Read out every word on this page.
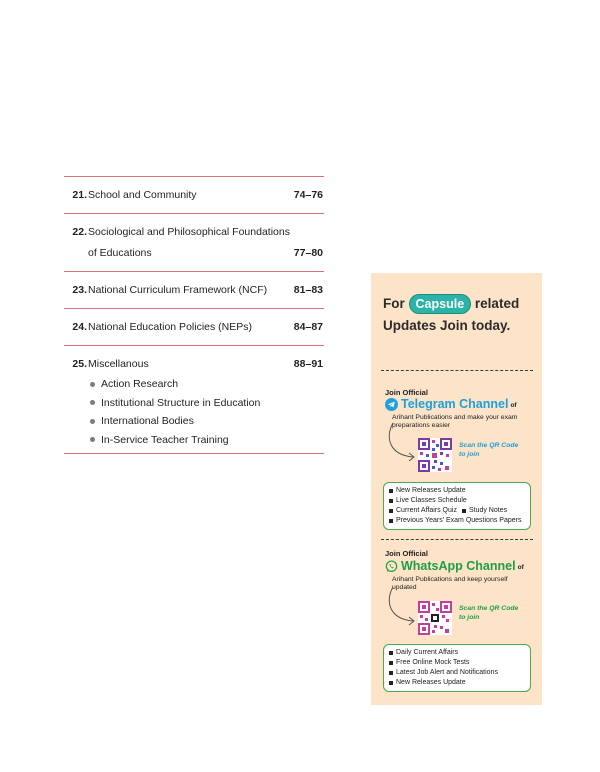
21. School and Community	74–76
22. Sociological and Philosophical Foundations
of Educations	77–80
23. National Curriculum Framework (NCF)	81–83
24. National Education Policies (NEPs)	84–87
25. Miscellanous	88–91
Action Research
Institutional Structure in Education
International Bodies
In-Service Teacher Training
For Capsule related
Updates Join today.
Join Official
Telegram Channel of
Arihant Publications and make your exam preparations easier
Scan the QR Code to join
New Releases Update
Live Classes Schedule
Current Affairs Quiz Study Notes
Previous Years' Exam Questions Papers
Join Official
WhatsApp Channel of
Arihant Publications and keep yourself updated
Scan the QR Code to join
Daily Current Affairs
Free Online Mock Tests
Latest Job Alert and Notifications
New Releases Update
